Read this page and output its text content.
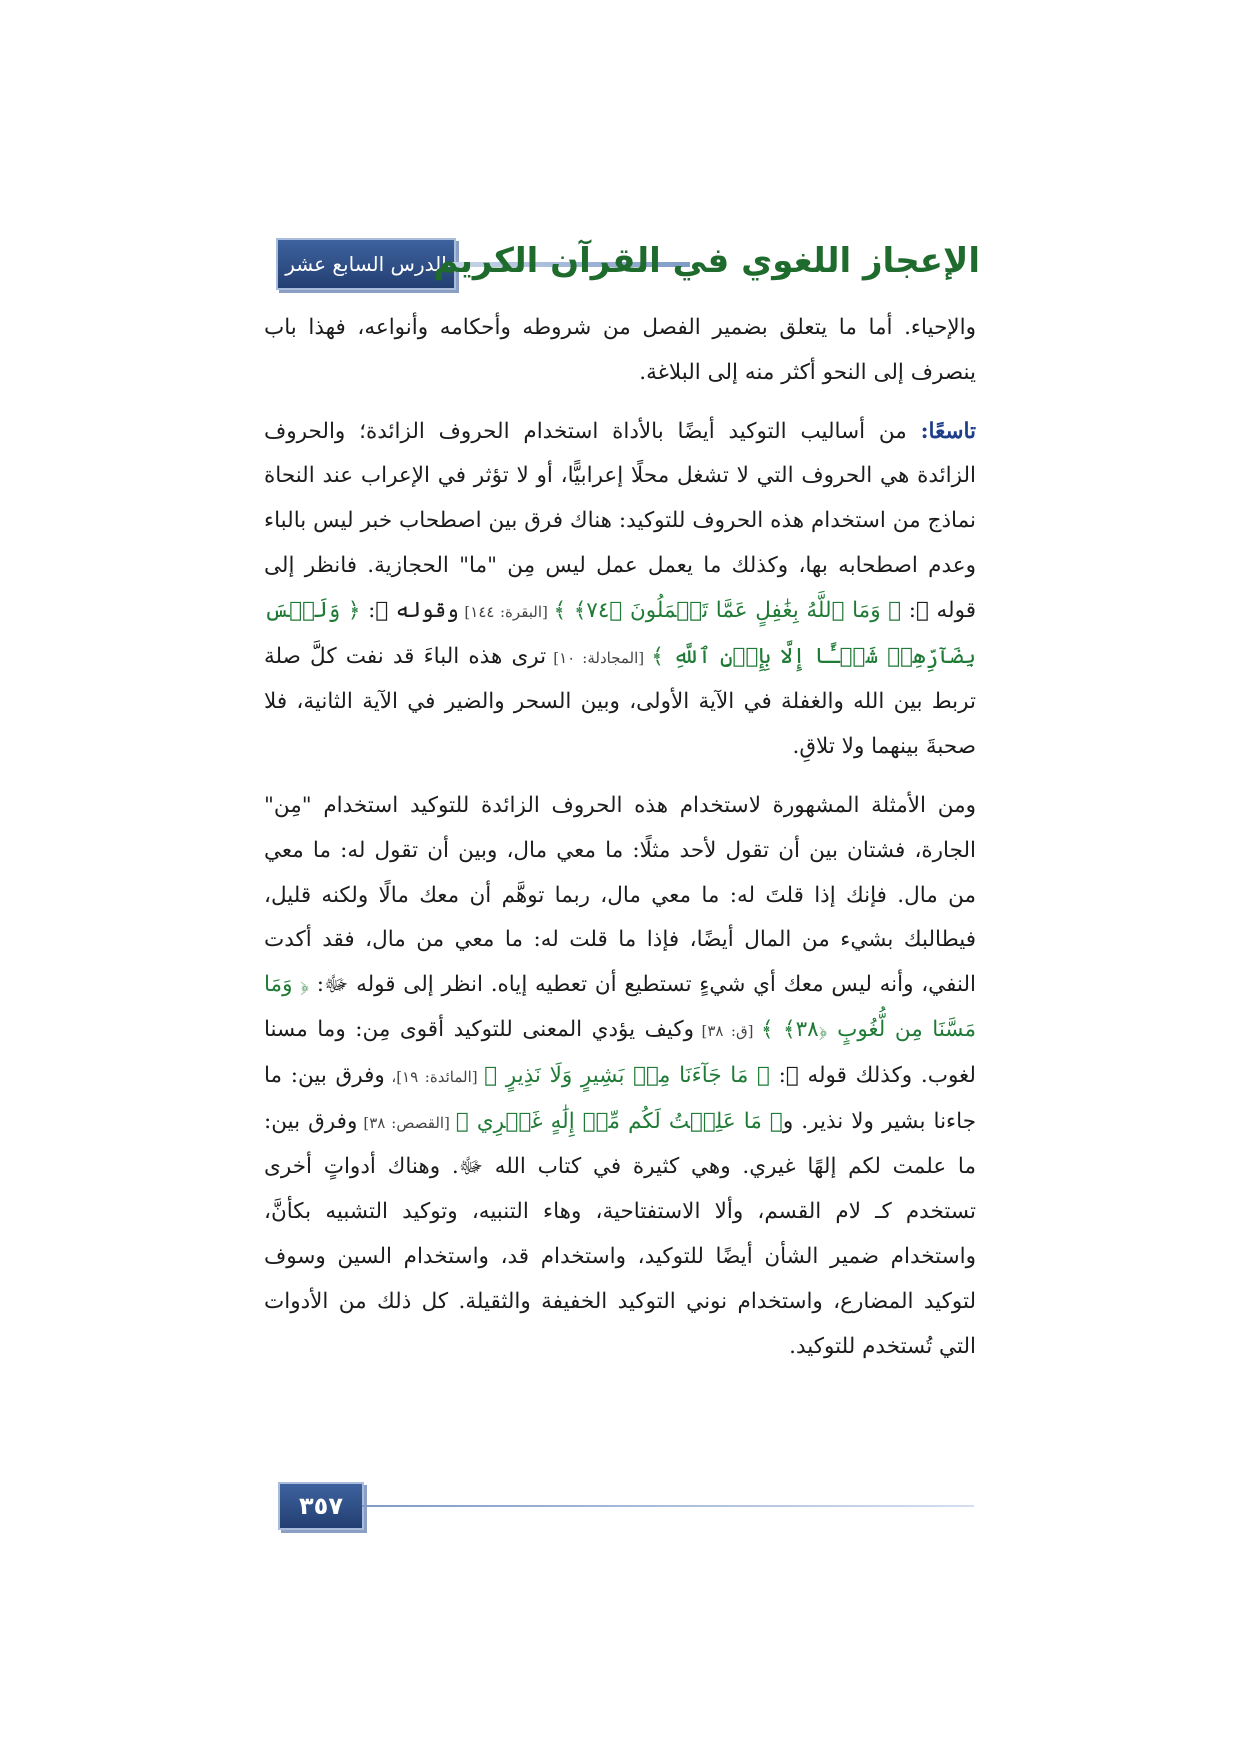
الدرس السابع عشر
الإعجاز اللغوي في القرآن الكريم

والإحياء. أما ما يتعلق بضمير الفصل من شروطه وأحكامه وأنواعه، فهذا باب ينصرف إلى النحو أكثر منه إلى البلاغة.

تاسعًا: من أساليب التوكيد أيضًا بالأداة استخدام الحروف الزائدة؛ والحروف الزائدة هي الحروف التي لا تشغل محلًا إعرابيًّا، أو لا تؤثر في الإعراب عند النحاة نماذج من استخدام هذه الحروف للتوكيد: هناك فرق بين اصطحاب خبر ليس بالباء وعدم اصطحابه بها، وكذلك ما يعمل عمل ليس مِن "ما" الحجازية. فانظر إلى قوله ﷻ: ﴿ وَمَا ٱللَّهُ بِغَٰفِلٍ عَمَّا تَعۡمَلُونَ ﴿٧٤﴾ ﴾ [البقرة: ١٤٤] وقوله ﷻ: ﴿ وَلَيۡسَ بِضَآرِّهِمۡ شَيۡـًٔا إِلَّا بِإِذۡنِ ٱللَّهِ ﴾ [المجادلة: ١٠] ترى هذه الباءَ قد نفت كلَّ صلة تربط بين الله والغفلة في الآية الأولى، وبين السحر والضير في الآية الثانية، فلا صحبةَ بينهما ولا تلاقِ.

ومن الأمثلة المشهورة لاستخدام هذه الحروف الزائدة للتوكيد استخدام "مِن" الجارة، فشتان بين أن تقول لأحد مثلًا: ما معي مال، وبين أن تقول له: ما معي من مال. فإنك إذا قلتَ له: ما معي مال، ربما توهَّم أن معك مالًا ولكنه قليل، فيطالبك بشيء من المال أيضًا، فإذا ما قلت له: ما معي من مال، فقد أكدت النفي، وأنه ليس معك أي شيءٍ تستطيع أن تعطيه إياه. انظر إلى قوله ﷻ: ﴿ وَمَا مَسَّنَا مِن لُّغُوبٍ ﴿٣٨﴾ ﴾ [ق: ٣٨] وكيف يؤدي المعنى للتوكيد أقوى مِن: وما مسنا لغوب. وكذلك قوله ﷻ: ﴿ مَا جَآءَنَا مِنۢ بَشِيرٍ وَلَا نَذِيرٍ ﴾ [المائدة: ١٩]، وفرق بين: ما جاءنا بشير ولا نذير. و﴿ مَا عَلِمۡتُ لَكُم مِّنۡ إِلَٰهٍ غَيۡرِي ﴾ [القصص: ٣٨] وفرق بين: ما علمت لكم إلهًا غيري. وهي كثيرة في كتاب الله ﷻ. وهناك أدواتٍ أخرى تستخدم كـ لام القسم، وألا الاستفتاحية، وهاء التنبيه، وتوكيد التشبيه بكأنَّ، واستخدام ضمير الشأن أيضًا للتوكيد، واستخدام قد، واستخدام السين وسوف لتوكيد المضارع، واستخدام نوني التوكيد الخفيفة والثقيلة. كل ذلك من الأدوات التي تُستخدم للتوكيد.

٣٥٧
